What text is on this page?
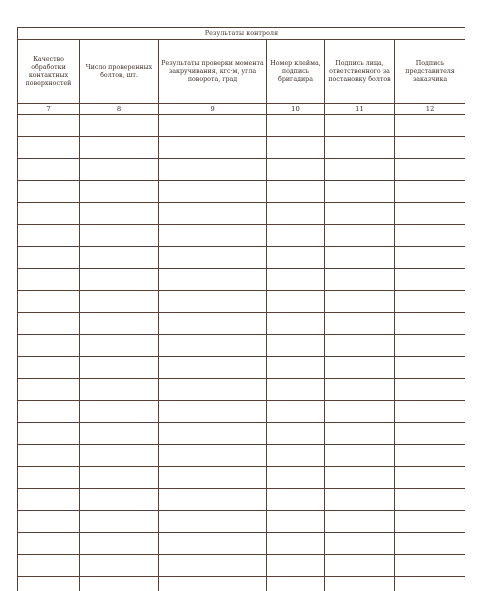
Результаты контроля					
Качество обработки контактных поверхностей	Число проверенных болтов, шт.	Результаты проверки момента закручивания, кгс·м, угла поворота, град	Номер клейма, подпись бригадира	Подпись лица, ответственного за постановку болтов	Подпись представителя заказчика
7	8	9	10	11	12
